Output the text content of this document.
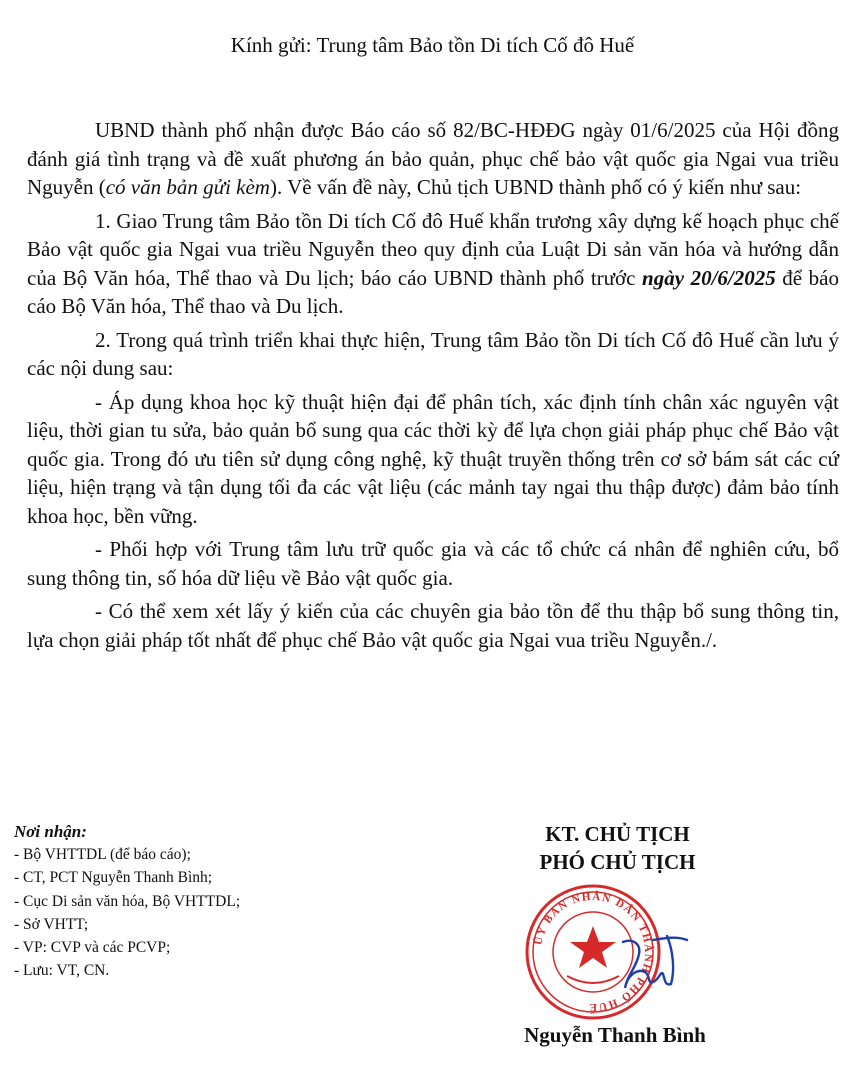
Kính gửi: Trung tâm Bảo tồn Di tích Cố đô Huế

UBND thành phố nhận được Báo cáo số 82/BC-HĐĐG ngày 01/6/2025 của Hội đồng đánh giá tình trạng và đề xuất phương án bảo quản, phục chế bảo vật quốc gia Ngai vua triều Nguyễn (có văn bản gửi kèm). Về vấn đề này, Chủ tịch UBND thành phố có ý kiến như sau:

1. Giao Trung tâm Bảo tồn Di tích Cố đô Huế khẩn trương xây dựng kế hoạch phục chế Bảo vật quốc gia Ngai vua triều Nguyễn theo quy định của Luật Di sản văn hóa và hướng dẫn của Bộ Văn hóa, Thể thao và Du lịch; báo cáo UBND thành phố trước ngày 20/6/2025 để báo cáo Bộ Văn hóa, Thể thao và Du lịch.

2. Trong quá trình triển khai thực hiện, Trung tâm Bảo tồn Di tích Cố đô Huế cần lưu ý các nội dung sau:

- Áp dụng khoa học kỹ thuật hiện đại để phân tích, xác định tính chân xác nguyên vật liệu, thời gian tu sửa, bảo quản bổ sung qua các thời kỳ để lựa chọn giải pháp phục chế Bảo vật quốc gia. Trong đó ưu tiên sử dụng công nghệ, kỹ thuật truyền thống trên cơ sở bám sát các cứ liệu, hiện trạng và tận dụng tối đa các vật liệu (các mảnh tay ngai thu thập được) đảm bảo tính khoa học, bền vững.

- Phối hợp với Trung tâm lưu trữ quốc gia và các tổ chức cá nhân để nghiên cứu, bổ sung thông tin, số hóa dữ liệu về Bảo vật quốc gia.

- Có thể xem xét lấy ý kiến của các chuyên gia bảo tồn để thu thập bổ sung thông tin, lựa chọn giải pháp tốt nhất để phục chế Bảo vật quốc gia Ngai vua triều Nguyễn./.

Nơi nhận:
- Bộ VHTTDL (để báo cáo);
- CT, PCT Nguyễn Thanh Bình;
- Cục Di sản văn hóa, Bộ VHTTDL;
- Sở VHTT;
- VP: CVP và các PCVP;
- Lưu: VT, CN.
KT. CHỦ TỊCH
PHÓ CHỦ TỊCH
ỦY BAN NHÂN DÂN THÀNH PHỐ HUẾ
Nguyễn Thanh Bình
